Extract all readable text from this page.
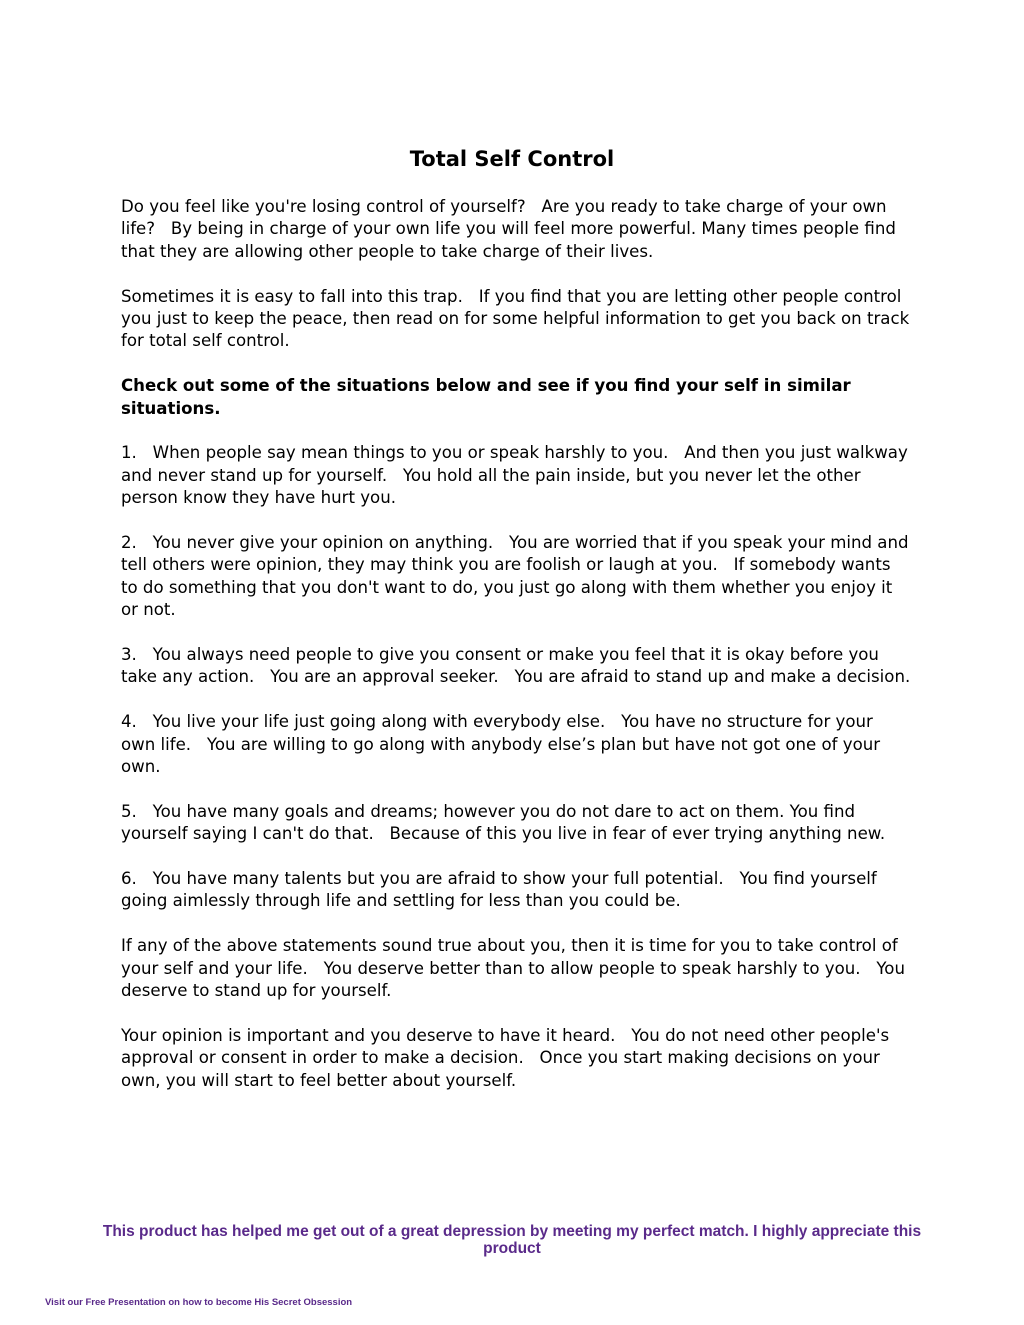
Total Self Control

Do you feel like you're losing control of yourself?   Are you ready to take charge of your own life?   By being in charge of your own life you will feel more powerful. Many times people find that they are allowing other people to take charge of their lives.

Sometimes it is easy to fall into this trap.   If you find that you are letting other people control you just to keep the peace, then read on for some helpful information to get you back on track for total self control.

Check out some of the situations below and see if you find your self in similar situations.

1.   When people say mean things to you or speak harshly to you.   And then you just walkway and never stand up for yourself.   You hold all the pain inside, but you never let the other person know they have hurt you.

2.   You never give your opinion on anything.   You are worried that if you speak your mind and tell others were opinion, they may think you are foolish or laugh at you.   If somebody wants to do something that you don't want to do, you just go along with them whether you enjoy it or not.

3.   You always need people to give you consent or make you feel that it is okay before you take any action.   You are an approval seeker.   You are afraid to stand up and make a decision.

4.   You live your life just going along with everybody else.   You have no structure for your own life.   You are willing to go along with anybody else’s plan but have not got one of your own.

5.   You have many goals and dreams; however you do not dare to act on them. You find yourself saying I can't do that.   Because of this you live in fear of ever trying anything new.

6.   You have many talents but you are afraid to show your full potential.   You find yourself going aimlessly through life and settling for less than you could be.

If any of the above statements sound true about you, then it is time for you to take control of your self and your life.   You deserve better than to allow people to speak harshly to you.   You deserve to stand up for yourself.

Your opinion is important and you deserve to have it heard.   You do not need other people's approval or consent in order to make a decision.   Once you start making decisions on your own, you will start to feel better about yourself.

This product has helped me get out of a great depression by meeting my perfect match. I highly appreciate this product

Visit our Free Presentation on how to become His Secret Obsession
